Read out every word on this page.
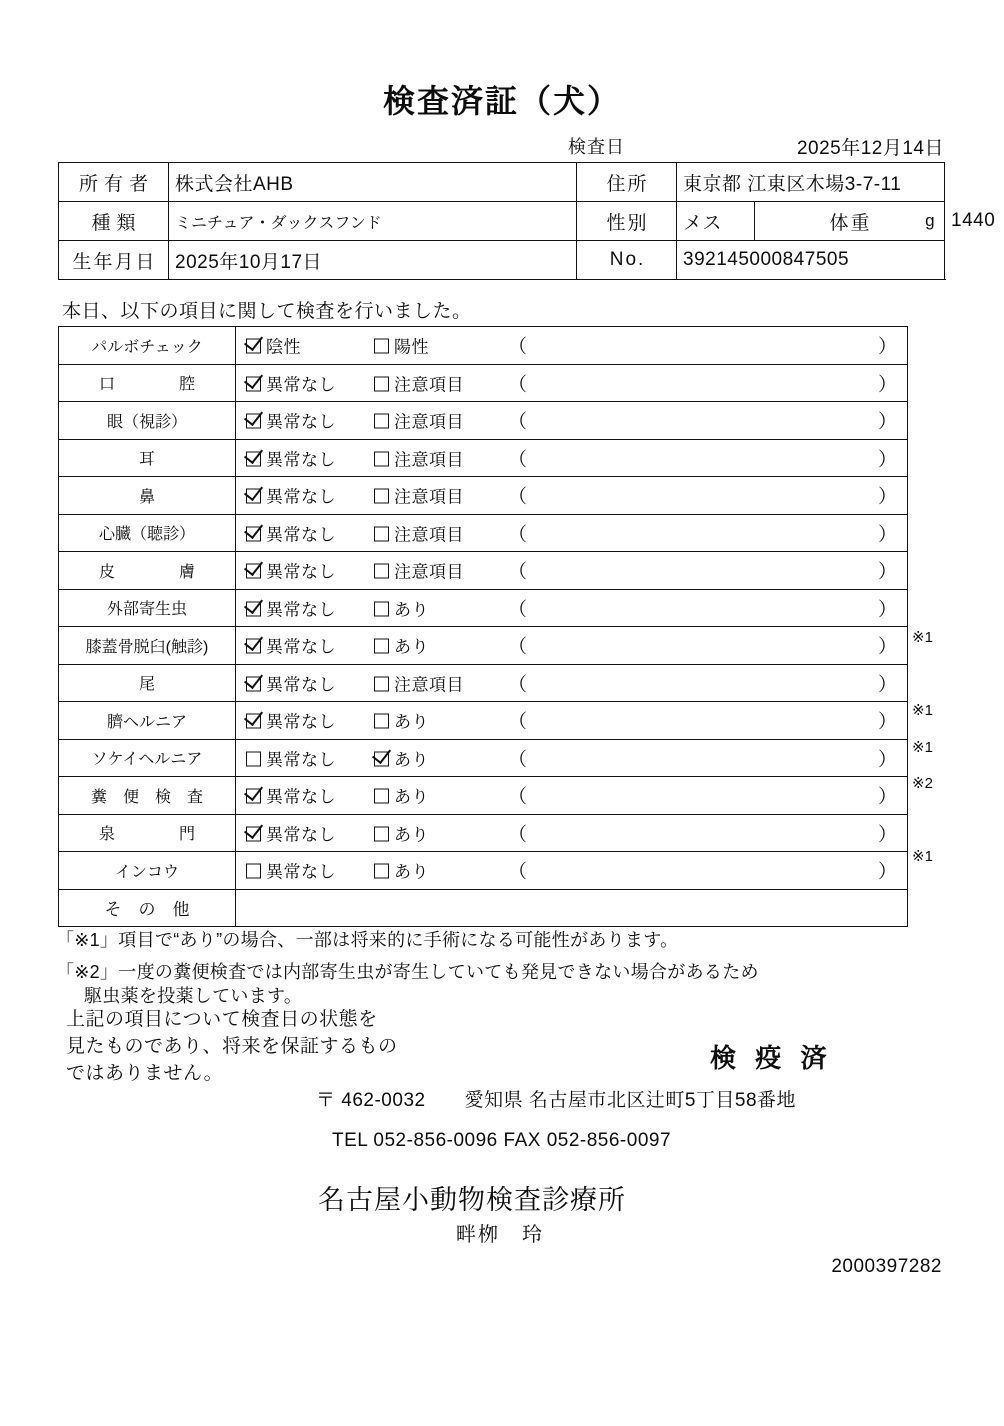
検査済証（犬）
検査日	2025年12月14日
所有者	株式会社AHB	住所	東京都 江東区木場3-7-11		
種類	ミニチュア・ダックスフンド	性別	メス	体重	1440
g

生年月日	2025年10月17日	No.	392145000847505		
本日、以下の項目に関して検査を行いました。
パルボチェック	陰性 陽性 （ ）

口　　　　腔	異常なし 注意項目 （ ）

眼（視診）	異常なし 注意項目 （ ）

耳	異常なし 注意項目 （ ）

鼻	異常なし 注意項目 （ ）

心臓（聴診）	異常なし 注意項目 （ ）

皮　　　　膚	異常なし 注意項目 （ ）

外部寄生虫	異常なし あり （ ）

膝蓋骨脱臼(触診)	異常なし あり （ ）

尾	異常なし 注意項目 （ ）

臍ヘルニア	異常なし あり （ ）

ソケイヘルニア	異常なし あり （ ）

糞　便　検　査	異常なし あり （ ）

泉　　　　門	異常なし あり （ ）

インコウ	異常なし あり （ ）

そ　の　他	
「※1」項目で“あり”の場合、一部は将来的に手術になる可能性があります。
「※2」一度の糞便検査では内部寄生虫が寄生していても発見できない場合があるため
駆虫薬を投薬しています。
上記の項目について検査日の状態を
見たものであり、将来を保証するもの
ではありません。
検 疫 済
〒 462-0032　　愛知県 名古屋市北区辻町5丁目58番地
TEL 052-856-0096 FAX 052-856-0097
名古屋小動物検査診療所
畔栁　玲
2000397282
※1
※1
※1
※2
※1
